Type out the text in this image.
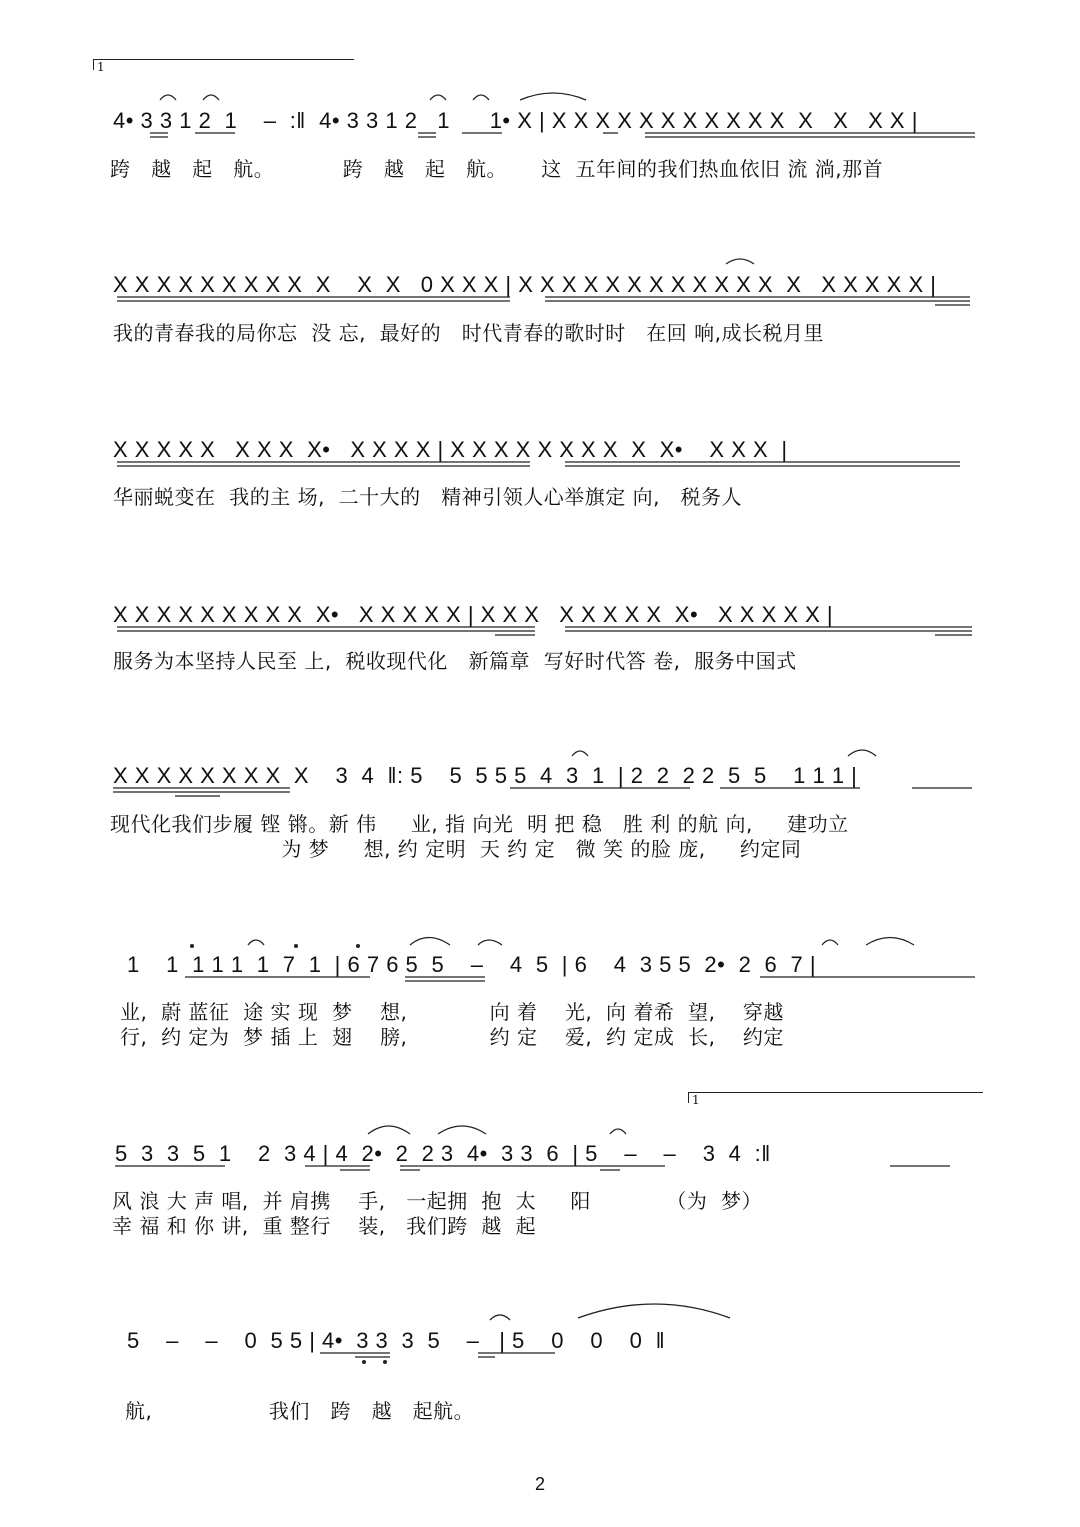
1
1
4• 3 3 1 2  1    –  :‖  4• 3 3 1 2   1      1• X | X X X X X X X X X X X  X   X   X X |
跨   越   起   航。          跨   越   起   航。     这  五年间的我们热血依旧 流 淌,那首
X X X X X X X X X  X    X  X   0 X X X | X X X X X X X X X X X X  X   X X X X X |
我的青春我的局你忘  没 忘,  最好的   时代青春的歌时时   在回 响,成长税月里
X X X X X   X X X  X•   X X X X | X X X X X X X X  X  X•    X X X  |
华丽蜕变在  我的主 场,  二十大的   精神引领人心举旗定 向,   税务人
X X X X X X X X X  X•   X X X X X | X X X   X X X X X  X•   X X X X X |
服务为本坚持人民至 上,  税收现代化   新篇章  写好时代答 卷,  服务中国式
X X X X X X X X  X    3  4  ‖: 5    5  5 5 5  4  3  1  | 2  2  2 2  5  5    1 1 1 |
现代化我们步履 铿 锵。新 伟     业, 指 向光  明 把 稳   胜 利 的航 向,     建功立
为 梦     想, 约 定明  天 约 定   微 笑 的脸 庞,     约定同
1    1  1 1 1  1  7  1  | 6 7 6 5  5    –    4  5  | 6    4  3 5 5  2•  2  6  7 |
业,  蔚 蓝征  途 实 现  梦    想,            向 着    光,  向 着希  望,    穿越
行,  约 定为  梦 插 上  翅    膀,            约 定    爱,  约 定成  长,    约定
5  3  3  5  1    2  3 4 | 4  2•  2  2 3  4•  3 3  6  | 5    –    –    3  4  :‖
风 浪 大 声 唱,  并 肩携    手,   一起拥  抱  太     阳           （为  梦）
幸 福 和 你 讲,  重 整行    装,   我们跨  越  起
5    –    –    0  5 5 | 4•  3 3  3  5    –   | 5    0    0    0  ‖
航,                 我们   跨   越   起航。
2
